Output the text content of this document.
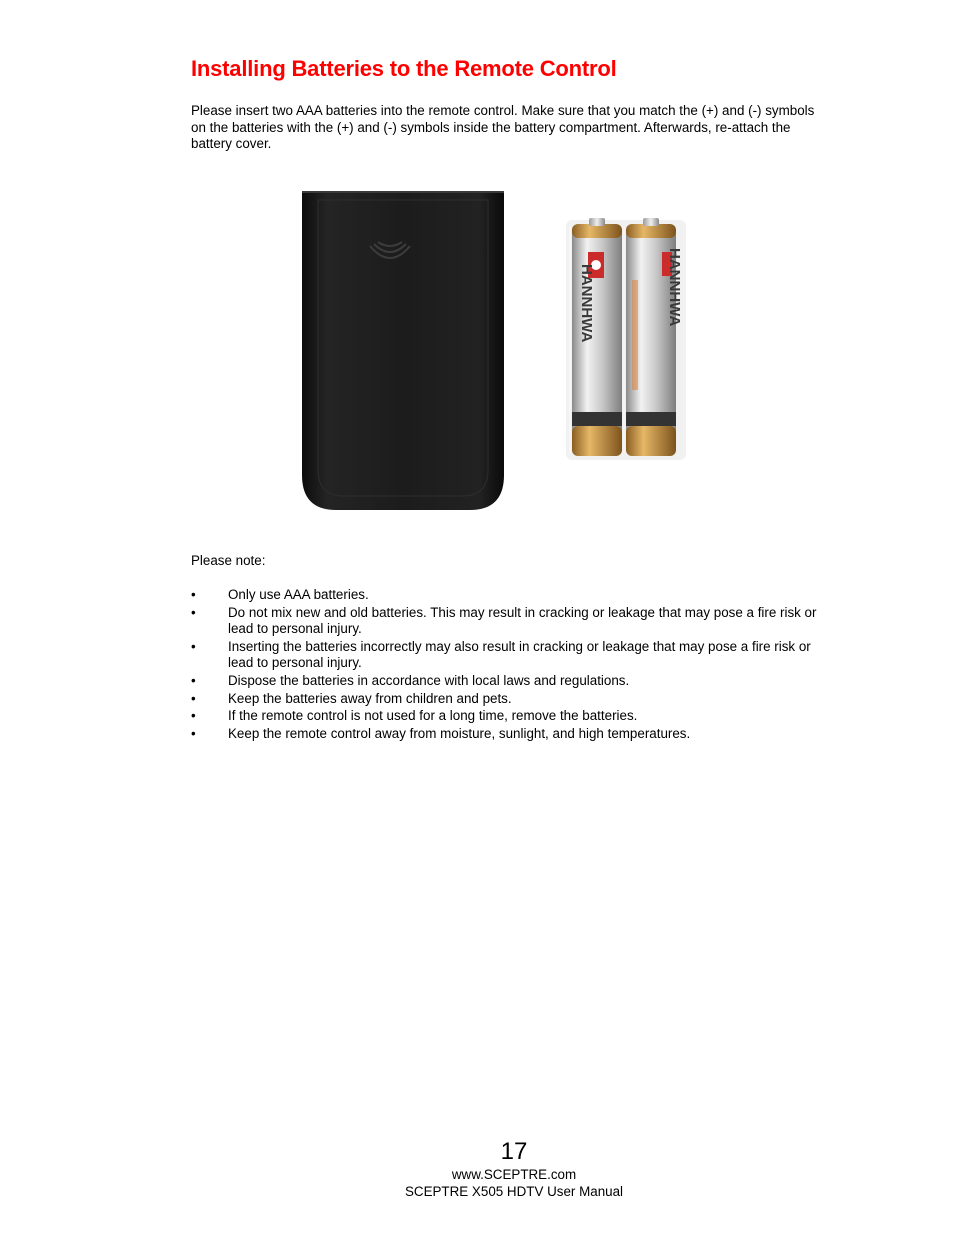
Installing Batteries to the Remote Control

Please insert two AAA batteries into the remote control. Make sure that you match the (+) and (-) symbols on the batteries with the (+) and (-) symbols inside the battery compartment. Afterwards, re-attach the battery cover.

HANNHWA	HANNHWA

Please note:

• Only use AAA batteries.
• Do not mix new and old batteries. This may result in cracking or leakage that may pose a fire risk or lead to personal injury.
• Inserting the batteries incorrectly may also result in cracking or leakage that may pose a fire risk or lead to personal injury.
• Dispose the batteries in accordance with local laws and regulations.
• Keep the batteries away from children and pets.
• If the remote control is not used for a long time, remove the batteries.
• Keep the remote control away from moisture, sunlight, and high temperatures.
17
www.SCEPTRE.com
SCEPTRE X505 HDTV User Manual
